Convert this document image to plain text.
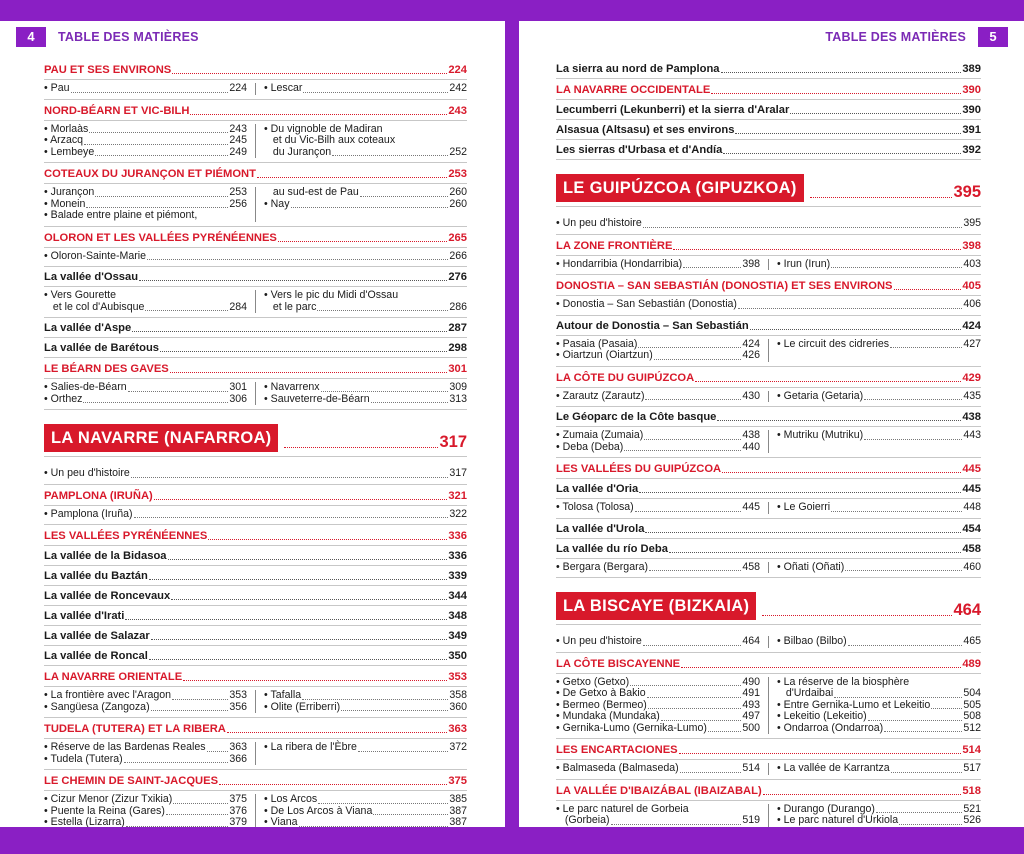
4	TABLE DES MATIÈRES
PAU ET SES ENVIRONS	224
• Pau	224 • Lescar	242
NORD-BÉARN ET VIC-BILH	243
• Morlaàs	243
• Arzacq	245
• Lembeye	249
• Du vignoble de Madiran
et du Vic-Bilh aux coteaux
du Jurançon	252
COTEAUX DU JURANÇON ET PIÉMONT	253
• Jurançon	253
• Monein	256
• Balade entre plaine et piémont,
au sud-est de Pau	260
• Nay	260
OLORON ET LES VALLÉES PYRÉNÉENNES	265
• Oloron-Sainte-Marie	266
La vallée d'Ossau	276
• Vers Gourette
et le col d'Aubisque	284
• Vers le pic du Midi d'Ossau
et le parc	286
La vallée d'Aspe	287
La vallée de Barétous	298
LE BÉARN DES GAVES	301
• Salies-de-Béarn	301
• Orthez	306
• Navarrenx	309
• Sauveterre-de-Béarn	313
LA NAVARRE (NAFARROA)	317
• Un peu d'histoire	317
PAMPLONA (IRUÑA)	321
• Pamplona (Iruña)	322
LES VALLÉES PYRÉNÉENNES	336
La vallée de la Bidasoa	336
La vallée du Baztán	339
La vallée de Roncevaux	344
La vallée d'Irati	348
La vallée de Salazar	349
La vallée de Roncal	350
LA NAVARRE ORIENTALE	353
• La frontière avec l'Aragon	353
• Sangüesa (Zangoza)	356
• Tafalla	358
• Olite (Erriberri)	360
TUDELA (TUTERA) ET LA RIBERA	363
• Réserve de las Bardenas Reales 363
• Tudela (Tutera)	366
• La ribera de l'Èbre	372
LE CHEMIN DE SAINT-JACQUES	375
• Cizur Menor (Zizur Txikia)	375
• Puente la Reina (Gares)	376
• Estella (Lizarra)	379
• Los Arcos	385
• De Los Arcos à Viana	387
• Viana	387
TABLE DES MATIÈRES	5
La sierra au nord de Pamplona	389
LA NAVARRE OCCIDENTALE	390
Lecumberri (Lekunberri) et la sierra d'Aralar	390
Alsasua (Altsasu) et ses environs	391
Les sierras d'Urbasa et d'Andía	392
LE GUIPÚZCOA (GIPUZKOA)	395
• Un peu d'histoire	395
LA ZONE FRONTIÈRE	398
• Hondarribia (Hondarribia)	398 • Irun (Irun)	403
DONOSTIA – SAN SEBASTIÁN (DONOSTIA) ET SES ENVIRONS	405
• Donostia – San Sebastián (Donostia)	406
Autour de Donostia – San Sebastián	424
• Pasaia (Pasaia)	424
• Oiartzun (Oiartzun)	426
• Le circuit des cidreries	427
LA CÔTE DU GUIPÚZCOA	429
• Zarautz (Zarautz)	430 • Getaria (Getaria)	435
Le Géoparc de la Côte basque	438
• Zumaia (Zumaia)	438
• Deba (Deba)	440
• Mutriku (Mutriku)	443
LES VALLÉES DU GUIPÚZCOA	445
La vallée d'Oria	445
• Tolosa (Tolosa)	445 • Le Goierri	448
La vallée d'Urola	454
La vallée du río Deba	458
• Bergara (Bergara)	458 • Oñati (Oñati)	460
LA BISCAYE (BIZKAIA)	464
• Un peu d'histoire	464 • Bilbao (Bilbo)	465
LA CÔTE BISCAYENNE	489
• Getxo (Getxo)	490
• De Getxo à Bakio	491
• Bermeo (Bermeo)	493
• Mundaka (Mundaka)	497
• Gernika-Lumo (Gernika-Lumo)	500
• La réserve de la biosphère
d'Urdaibai	504
• Entre Gernika-Lumo et Lekeitio	505
• Lekeitio (Lekeitio)	508
• Ondarroa (Ondarroa)	512
LES ENCARTACIONES	514
• Balmaseda (Balmaseda)	514 • La vallée de Karrantza	517
LA VALLÉE D'IBAIZÁBAL (IBAIZABAL)	518
• Le parc naturel de Gorbeia
(Gorbeia)	519
• Durango (Durango)	521
• Le parc naturel d'Urkiola	526
